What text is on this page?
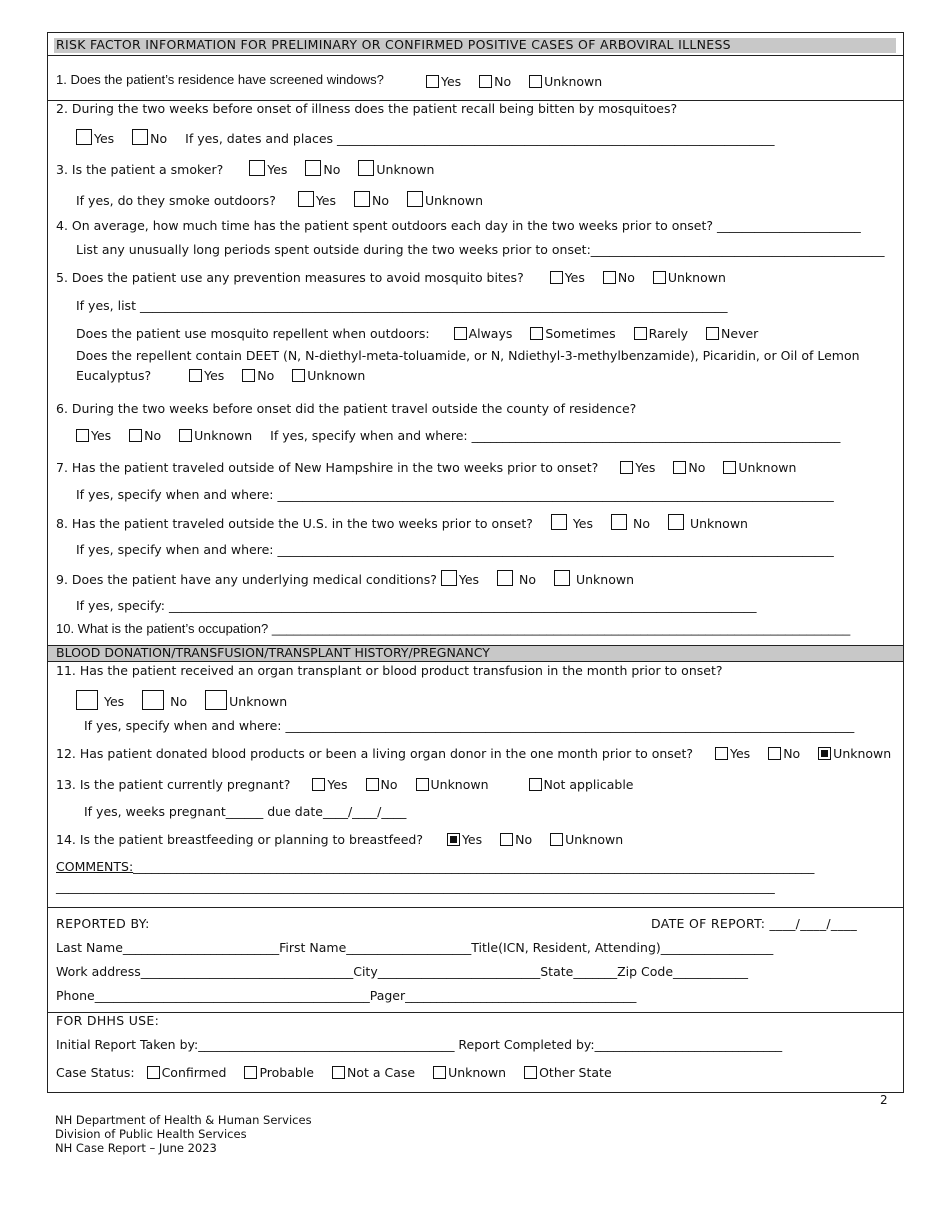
RISK FACTOR INFORMATION FOR PRELIMINARY OR CONFIRMED POSITIVE CASES OF ARBOVIRAL ILLNESS
1. Does the patient’s residence have screened windows?	Yes	No	Unknown
2. During the two weeks before onset of illness does the patient recall being bitten by mosquitoes?
Yes	No If yes, dates and places ______________________________________________________________________
3. Is the patient a smoker?	Yes	No	Unknown
If yes, do they smoke outdoors?	Yes	No	Unknown
4. On average, how much time has the patient spent outdoors each day in the two weeks prior to onset? _______________________
List any unusually long periods spent outside during the two weeks prior to onset:_______________________________________________
5. Does the patient use any prevention measures to avoid mosquito bites?	Yes	No	Unknown
If yes, list ______________________________________________________________________________________________
Does the patient use mosquito repellent when outdoors:	Always	Sometimes	Rarely	Never
Does the repellent contain DEET (N, N-diethyl-meta-toluamide, or N, Ndiethyl-3-methylbenzamide), Picaridin, or Oil of Lemon
Eucalyptus?	Yes	No	Unknown
6. During the two weeks before onset did the patient travel outside the county of residence?
Yes	No	Unknown If yes, specify when and where: ___________________________________________________________
7. Has the patient traveled outside of New Hampshire in the two weeks prior to onset?	Yes	No	Unknown
If yes, specify when and where: _________________________________________________________________________________________
8. Has the patient traveled outside the U.S. in the two weeks prior to onset?	Yes	No	Unknown
If yes, specify when and where: _________________________________________________________________________________________
9. Does the patient have any underlying medical conditions? Yes	No	Unknown
If yes, specify: ______________________________________________________________________________________________
10. What is the patient’s occupation? ________________________________________________________________________________
BLOOD DONATION/TRANSFUSION/TRANSPLANT HISTORY/PREGNANCY
11. Has the patient received an organ transplant or blood product transfusion in the month prior to onset?
Yes	No	Unknown
If yes, specify when and where: ___________________________________________________________________________________________
12. Has patient donated blood products or been a living organ donor in the one month prior to onset?	Yes	No	Unknown
13. Is the patient currently pregnant?	Yes	No	Unknown	Not applicable
If yes, weeks pregnant______ due date____/____/____
14. Is the patient breastfeeding or planning to breastfeed?	Yes	No	Unknown
COMMENTS:_____________________________________________________________________________________________________________
___________________________________________________________________________________________________________________
REPORTED BY:	DATE OF REPORT: ____/____/____
Last Name_________________________First Name____________________Title(ICN, Resident, Attending)__________________
Work address__________________________________City__________________________State_______Zip Code____________
Phone____________________________________________Pager_____________________________________
FOR DHHS USE:
Initial Report Taken by:_________________________________________ Report Completed by:______________________________
Case Status: Confirmed	Probable	Not a Case	Unknown	Other State
2
NH Department of Health & Human Services
Division of Public Health Services
NH Case Report – June 2023
